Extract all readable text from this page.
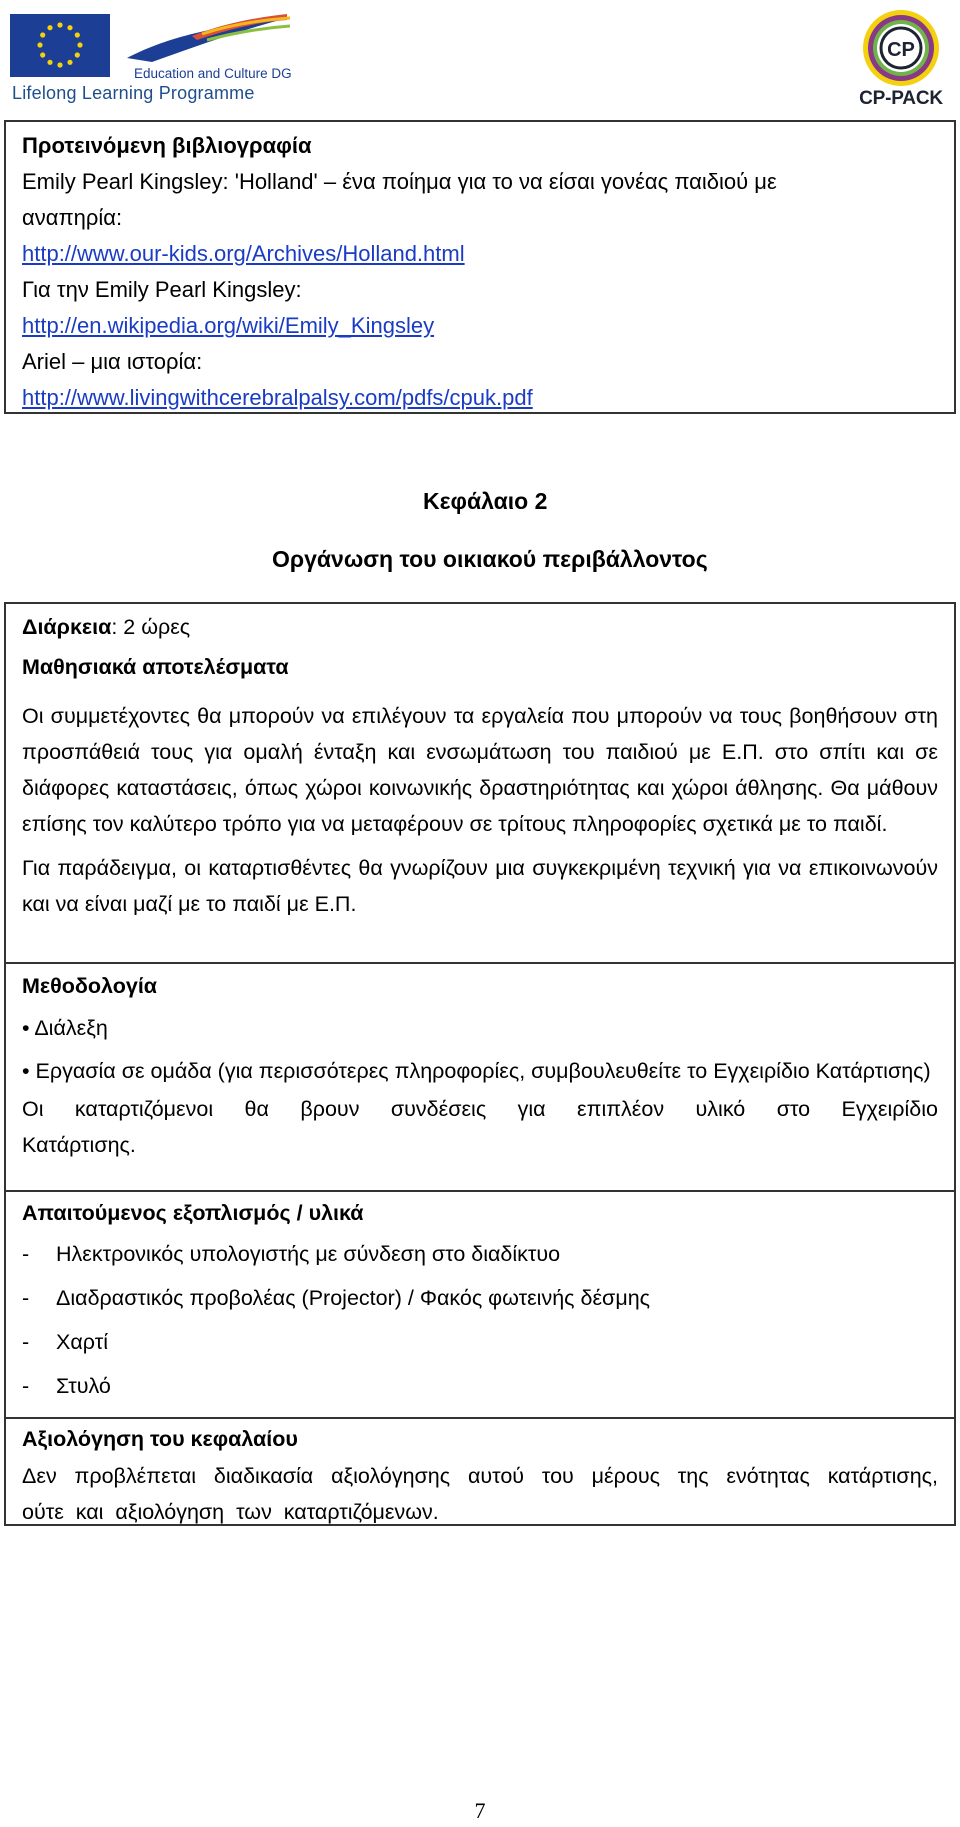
Education and Culture DG
Lifelong Learning Programme
CP
CP-PACK
Προτεινόμενη βιβλιογραφία
Emily Pearl Kingsley: 'Holland' – ένα ποίημα για το να είσαι γονέας παιδιού με
αναπηρία:
http://www.our-kids.org/Archives/Holland.html
Για την Emily Pearl Kingsley:
http://en.wikipedia.org/wiki/Emily_Kingsley
Ariel – μια ιστορία:
http://www.livingwithcerebralpalsy.com/pdfs/cpuk.pdf
Κεφάλαιο 2
Οργάνωση του οικιακού περιβάλλοντος
Διάρκεια: 2 ώρες
Μαθησιακά αποτελέσματα
Οι συμμετέχοντες θα μπορούν να επιλέγουν τα εργαλεία που μπορούν να τους βοηθήσουν στη προσπάθειά τους για ομαλή ένταξη και ενσωμάτωση του παιδιού με Ε.Π. στο σπίτι και σε διάφορες καταστάσεις, όπως χώροι κοινωνικής δραστηριότητας και χώροι άθλησης. Θα μάθουν επίσης τον καλύτερο τρόπο για να μεταφέρουν σε τρίτους πληροφορίες σχετικά με το παιδί.
Για παράδειγμα, οι καταρτισθέντες θα γνωρίζουν μια συγκεκριμένη τεχνική για να επικοινωνούν και να είναι μαζί με το παιδί με Ε.Π.
Μεθοδολογία
• Διάλεξη
• Εργασία σε ομάδα (για περισσότερες πληροφορίες, συμβουλευθείτε το Εγχειρίδιο Κατάρτισης)
Οι καταρτιζόμενοι θα βρουν συνδέσεις για επιπλέον υλικό στο Εγχειρίδιο Κατάρτισης.
Απαιτούμενος εξοπλισμός / υλικά
-	Ηλεκτρονικός υπολογιστής με σύνδεση στο διαδίκτυο
-	Διαδραστικός προβολέας (Projector) / Φακός φωτεινής δέσμης
-	Χαρτί
-	Στυλό
Αξιολόγηση του κεφαλαίου
Δεν προβλέπεται διαδικασία αξιολόγησης αυτού του μέρους της ενότητας κατάρτισης, ούτε και αξιολόγηση των καταρτιζόμενων.
7
